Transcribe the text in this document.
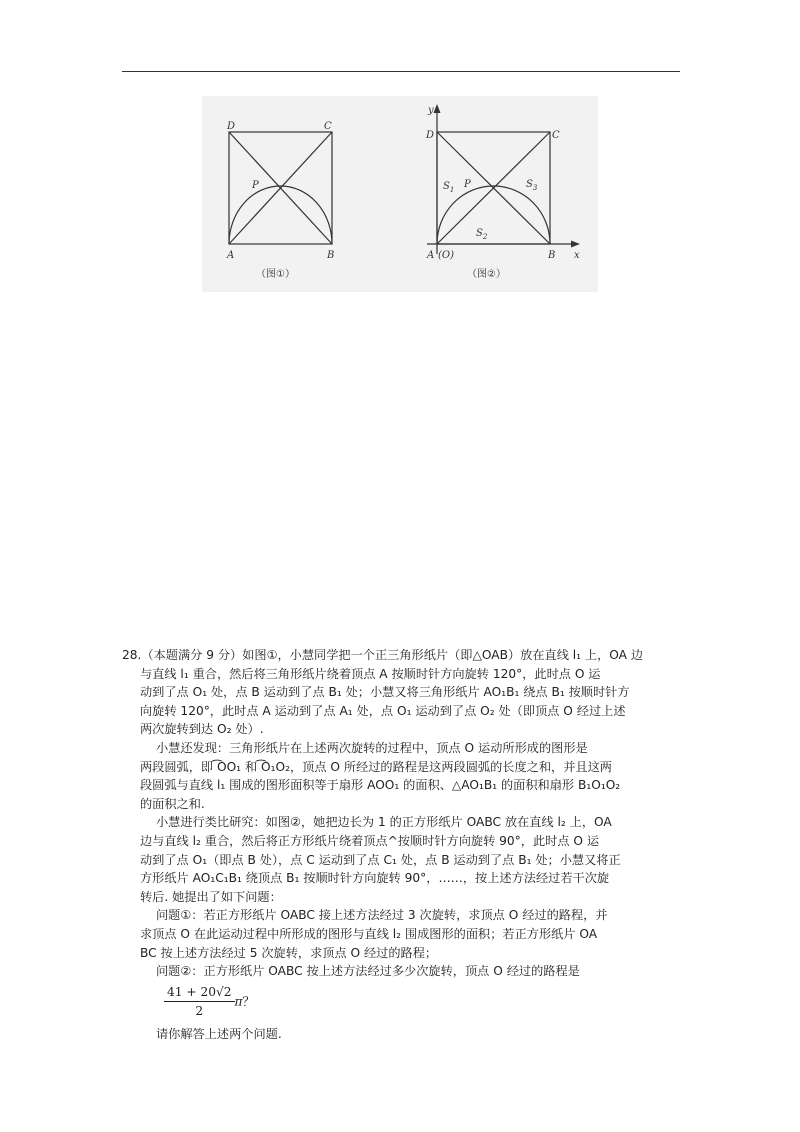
D	C
P
A	B
（图①）
y
D	C
P
$S_1$	$S_3$
$S_2$
A (O)	B x
（图②）

28.（本题满分 9 分）如图①，小慧同学把一个正三角形纸片（即△OAB）放在直线 l₁ 上，OA 边

与直线 l₁ 重合，然后将三角形纸片绕着顶点 A 按顺时针方向旋转 120°，此时点 O 运

动到了点 O₁ 处，点 B 运动到了点 B₁ 处；小慧又将三角形纸片 AO₁B₁ 绕点 B₁ 按顺时针方

向旋转 120°，此时点 A 运动到了点 A₁ 处，点 O₁ 运动到了点 O₂ 处（即顶点 O 经过上述

两次旋转到达 O₂ 处）.

小慧还发现：三角形纸片在上述两次旋转的过程中，顶点 O 运动所形成的图形是

两段圆弧，即 ͡OO₁ 和 ͡O₁O₂，顶点 O 所经过的路程是这两段圆弧的长度之和，并且这两

段圆弧与直线 l₁ 围成的图形面积等于扇形 AOO₁ 的面积、△AO₁B₁ 的面积和扇形 B₁O₁O₂

的面积之和.

小慧进行类比研究：如图②，她把边长为 1 的正方形纸片 OABC 放在直线 l₂ 上，OA

边与直线 l₂ 重合，然后将正方形纸片绕着顶点^按顺时针方向旋转 90°，此时点 O 运

动到了点 O₁（即点 B 处），点 C 运动到了点 C₁ 处，点 B 运动到了点 B₁ 处；小慧又将正

方形纸片 AO₁C₁B₁ 绕顶点 B₁ 按顺时针方向旋转 90°，……，按上述方法经过若干次旋

转后. 她提出了如下问题：

问题①：若正方形纸片 OABC 接上述方法经过 3 次旋转，求顶点 O 经过的路程，并

求顶点 O 在此运动过程中所形成的图形与直线 l₂ 围成图形的面积；若正方形纸片 OA

BC 按上述方法经过 5 次旋转，求顶点 O 经过的路程；

问题②：正方形纸片 OABC 按上述方法经过多少次旋转，顶点 O 经过的路程是

$\frac{41 + 20√2}{2}$ π？

请你解答上述两个问题.
